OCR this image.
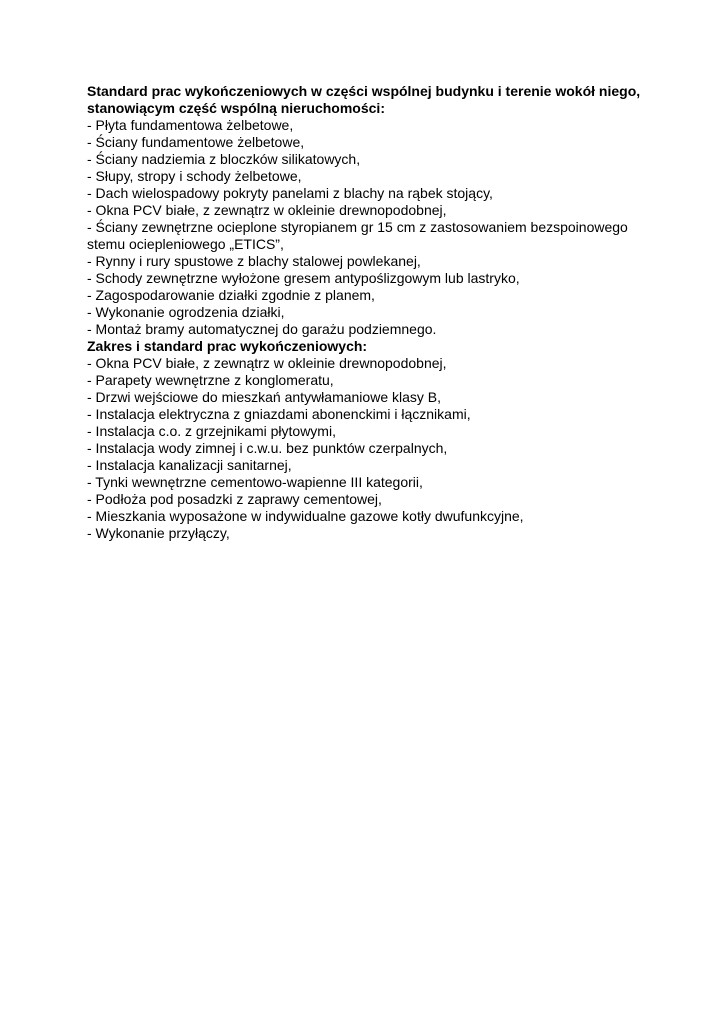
Standard prac wykończeniowych w części wspólnej budynku i terenie wokół niego, stanowiącym część wspólną nieruchomości:

- Płyta fundamentowa żelbetowe,
- Ściany fundamentowe żelbetowe,
- Ściany nadziemia z bloczków silikatowych,
- Słupy, stropy i schody żelbetowe,
- Dach wielospadowy pokryty panelami z blachy na rąbek stojący,
- Okna PCV białe, z zewnątrz w okleinie drewnopodobnej,
- Ściany zewnętrzne ocieplone styropianem gr 15 cm z zastosowaniem bezspoinowego stemu ociepleniowego „ETICS”,
- Rynny i rury spustowe z blachy stalowej powlekanej,
- Schody zewnętrzne wyłożone gresem antypoślizgowym lub lastryko,
- Zagospodarowanie działki zgodnie z planem,
- Wykonanie ogrodzenia działki,
- Montaż bramy automatycznej do garażu podziemnego.

Zakres i standard prac wykończeniowych:

- Okna PCV białe, z zewnątrz w okleinie drewnopodobnej,
- Parapety wewnętrzne z konglomeratu,
- Drzwi wejściowe do mieszkań antywłamaniowe klasy B,
- Instalacja elektryczna z gniazdami abonenckimi i łącznikami,
- Instalacja c.o. z grzejnikami płytowymi,
- Instalacja wody zimnej i c.w.u. bez punktów czerpalnych,
- Instalacja kanalizacji sanitarnej,
- Tynki wewnętrzne cementowo-wapienne III kategorii,
- Podłoża pod posadzki z zaprawy cementowej,
- Mieszkania wyposażone w indywidualne gazowe kotły dwufunkcyjne,
- Wykonanie przyłączy,
